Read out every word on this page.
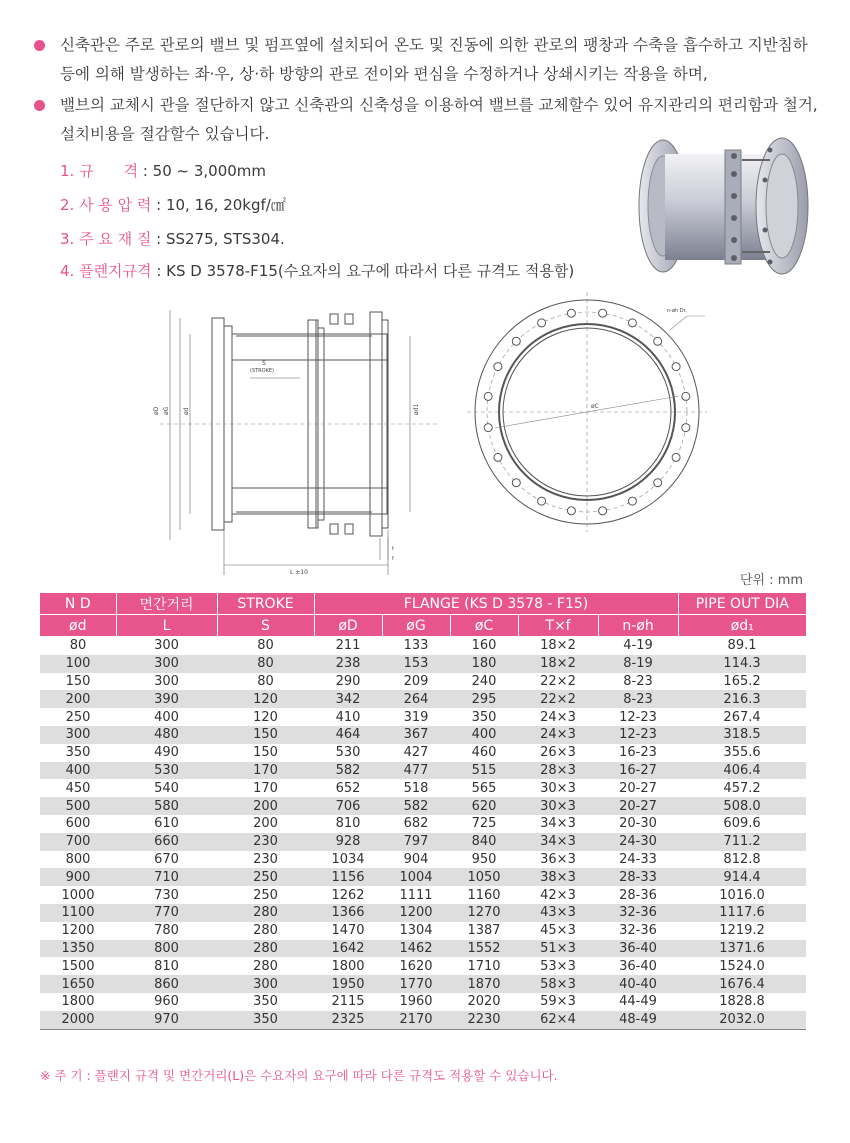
신축관은 주로 관로의 밸브 및 펌프옆에 설치되어 온도 및 진동에 의한 관로의 팽창과 수축을 흡수하고 지반침하 등에 의해 발생하는 좌·우, 상·하 방향의 관로 전이와 편심을 수정하거나 상쇄시키는 작용을 하며,
밸브의 교체시 관을 절단하지 않고 신축관의 신축성을 이용하여 밸브를 교체할수 있어 유지관리의 편리함과 철거, 설치비용을 절감할수 있습니다.
1. 규　　격 : 50 ~ 3,000mm
2. 사 용 압 력 : 10, 16, 20kgf/㎠
3. 주 요 재 질 : SS275, STS304.
4. 플렌지규격 : KS D 3578-F15(수요자의 요구에 따라서 다른 규격도 적용함)
S
(STROKE)
L ±10
øD øG ød	ød1
t
f
øC
n-øh Dr.
단위 : mm
N D	면간거리	STROKE	FLANGE (KS D 3578 - F15)					PIPE OUT DIA
ød	L	S	øD	øG	øC	T×f	n-øh	ød₁
80	300	80	211	133	160	18×2	4-19	89.1
100	300	80	238	153	180	18×2	8-19	114.3
150	300	80	290	209	240	22×2	8-23	165.2
200	390	120	342	264	295	22×2	8-23	216.3
250	400	120	410	319	350	24×3	12-23	267.4
300	480	150	464	367	400	24×3	12-23	318.5
350	490	150	530	427	460	26×3	16-23	355.6
400	530	170	582	477	515	28×3	16-27	406.4
450	540	170	652	518	565	30×3	20-27	457.2
500	580	200	706	582	620	30×3	20-27	508.0
600	610	200	810	682	725	34×3	20-30	609.6
700	660	230	928	797	840	34×3	24-30	711.2
800	670	230	1034	904	950	36×3	24-33	812.8
900	710	250	1156	1004	1050	38×3	28-33	914.4
1000	730	250	1262	1111	1160	42×3	28-36	1016.0
1100	770	280	1366	1200	1270	43×3	32-36	1117.6
1200	780	280	1470	1304	1387	45×3	32-36	1219.2
1350	800	280	1642	1462	1552	51×3	36-40	1371.6
1500	810	280	1800	1620	1710	53×3	36-40	1524.0
1650	860	300	1950	1770	1870	58×3	40-40	1676.4
1800	960	350	2115	1960	2020	59×3	44-49	1828.8
2000	970	350	2325	2170	2230	62×4	48-49	2032.0
※ 주 기 : 플랜지 규격 및 면간거리(L)은 수요자의 요구에 따라 다른 규격도 적용할 수 있습니다.
